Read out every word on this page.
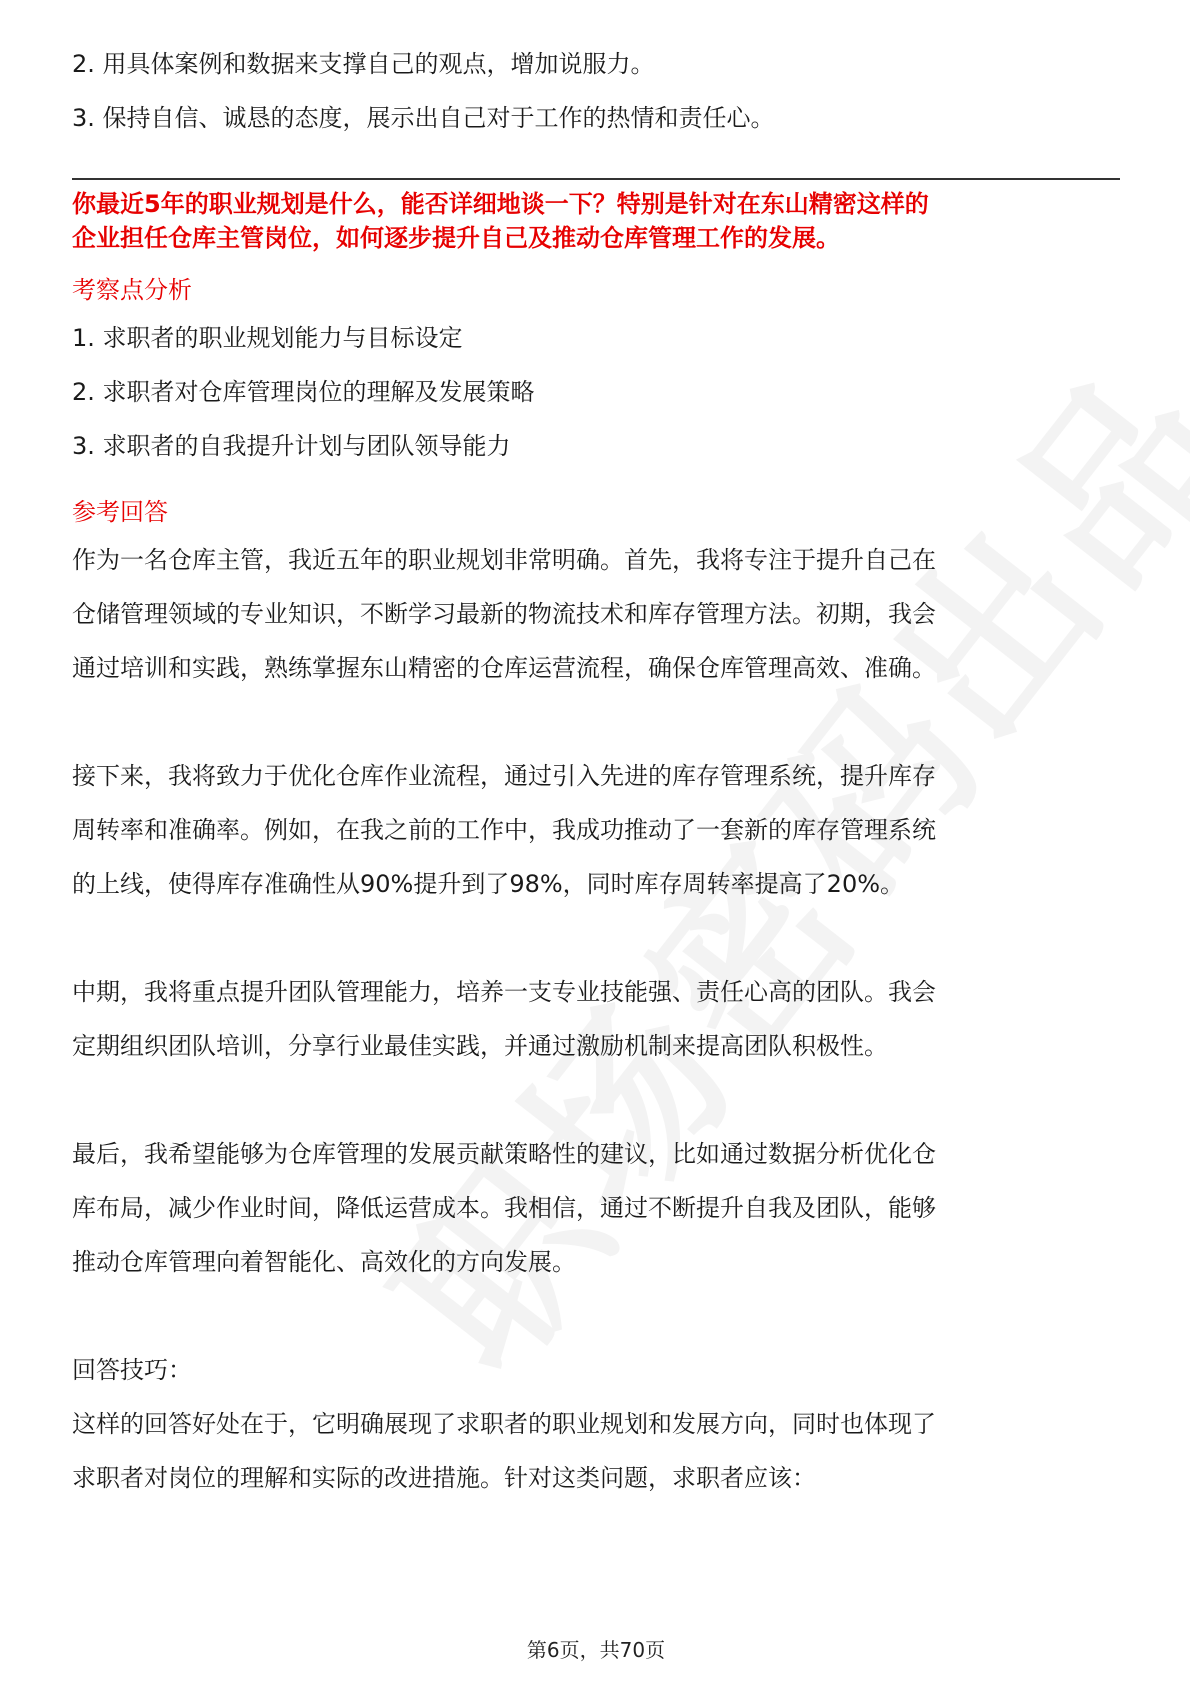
2. 用具体案例和数据来支撑自己的观点，增加说服力。
3. 保持自信、诚恳的态度，展示出自己对于工作的热情和责任心。
你最近5年的职业规划是什么，能否详细地谈一下？特别是针对在东山精密这样的
企业担任仓库主管岗位，如何逐步提升自己及推动仓库管理工作的发展。
考察点分析
1. 求职者的职业规划能力与目标设定
2. 求职者对仓库管理岗位的理解及发展策略
3. 求职者的自我提升计划与团队领导能力
参考回答
作为一名仓库主管，我近五年的职业规划非常明确。首先，我将专注于提升自己在
仓储管理领域的专业知识，不断学习最新的物流技术和库存管理方法。初期，我会
通过培训和实践，熟练掌握东山精密的仓库运营流程，确保仓库管理高效、准确。
接下来，我将致力于优化仓库作业流程，通过引入先进的库存管理系统，提升库存
周转率和准确率。例如，在我之前的工作中，我成功推动了一套新的库存管理系统
的上线，使得库存准确性从90%提升到了98%，同时库存周转率提高了20%。
中期，我将重点提升团队管理能力，培养一支专业技能强、责任心高的团队。我会
定期组织团队培训，分享行业最佳实践，并通过激励机制来提高团队积极性。
最后，我希望能够为仓库管理的发展贡献策略性的建议，比如通过数据分析优化仓
库布局，减少作业时间，降低运营成本。我相信，通过不断提升自我及团队，能够
推动仓库管理向着智能化、高效化的方向发展。
回答技巧：
这样的回答好处在于，它明确展现了求职者的职业规划和发展方向，同时也体现了
求职者对岗位的理解和实际的改进措施。针对这类问题，求职者应该：
第6页，共70页
